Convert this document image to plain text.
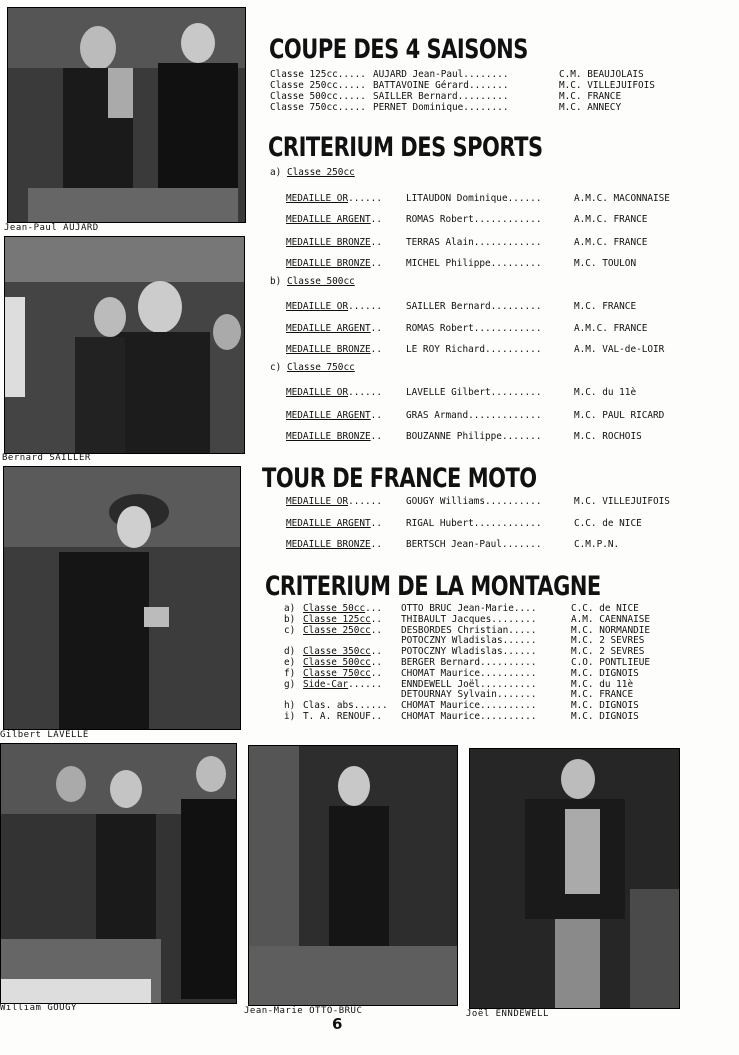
Jean-Paul AUJARD
Bernard SAILLER
Gilbert LAVELLE
William GOUGY	Jean-Marie OTTO-BRUC	Joël ENNDEWELL
COUPE DES 4 SAISONS
Classe 125cc..... AUJARD Jean-Paul........	C.M. BEAUJOLAIS
Classe 250cc..... BATTAVOINE Gérard.......	M.C. VILLEJUIFOIS
Classe 500cc..... SAILLER Bernard.........	M.C. FRANCE
Classe 750cc..... PERNET Dominique........	M.C. ANNECY
CRITERIUM DES SPORTS
a) Classe 250cc
MEDAILLE OR......	LITAUDON Dominique......	A.M.C. MACONNAISE
MEDAILLE ARGENT..	ROMAS Robert............	A.M.C. FRANCE
MEDAILLE BRONZE..	TERRAS Alain............	A.M.C. FRANCE
MEDAILLE BRONZE..	MICHEL Philippe.........	M.C. TOULON
b) Classe 500cc
MEDAILLE OR......	SAILLER Bernard.........	M.C. FRANCE
MEDAILLE ARGENT..	ROMAS Robert............	A.M.C. FRANCE
MEDAILLE BRONZE..	LE ROY Richard..........	A.M. VAL-de-LOIR
c) Classe 750cc
MEDAILLE OR......	LAVELLE Gilbert.........	M.C. du 11è
MEDAILLE ARGENT..	GRAS Armand.............	M.C. PAUL RICARD
MEDAILLE BRONZE..	BOUZANNE Philippe.......	M.C. ROCHOIS
TOUR DE FRANCE MOTO
MEDAILLE OR......	GOUGY Williams..........	M.C. VILLEJUIFOIS
MEDAILLE ARGENT..	RIGAL Hubert............	C.C. de NICE
MEDAILLE BRONZE..	BERTSCH Jean-Paul.......	C.M.P.N.
CRITERIUM DE LA MONTAGNE
a) Classe 50cc... OTTO BRUC Jean-Marie....	C.C. de NICE
b) Classe 125cc.. THIBAULT Jacques........	A.M. CAENNAISE
c) Classe 250cc.. DESBORDES Christian.....	M.C. NORMANDIE
POTOCZNY Wladislas......	M.C. 2 SEVRES
d) Classe 350cc.. POTOCZNY Wladislas......	M.C. 2 SEVRES
e) Classe 500cc.. BERGER Bernard..........	C.O. PONTLIEUE
f) Classe 750cc.. CHOMAT Maurice..........	M.C. DIGNOIS
g) Side-Car...... ENNDEWELL Joël..........	M.C. du 11è
DETOURNAY Sylvain.......	M.C. FRANCE
h) Clas. abs...... CHOMAT Maurice..........	M.C. DIGNOIS
i) T. A. RENOUF.. CHOMAT Maurice..........	M.C. DIGNOIS
6
